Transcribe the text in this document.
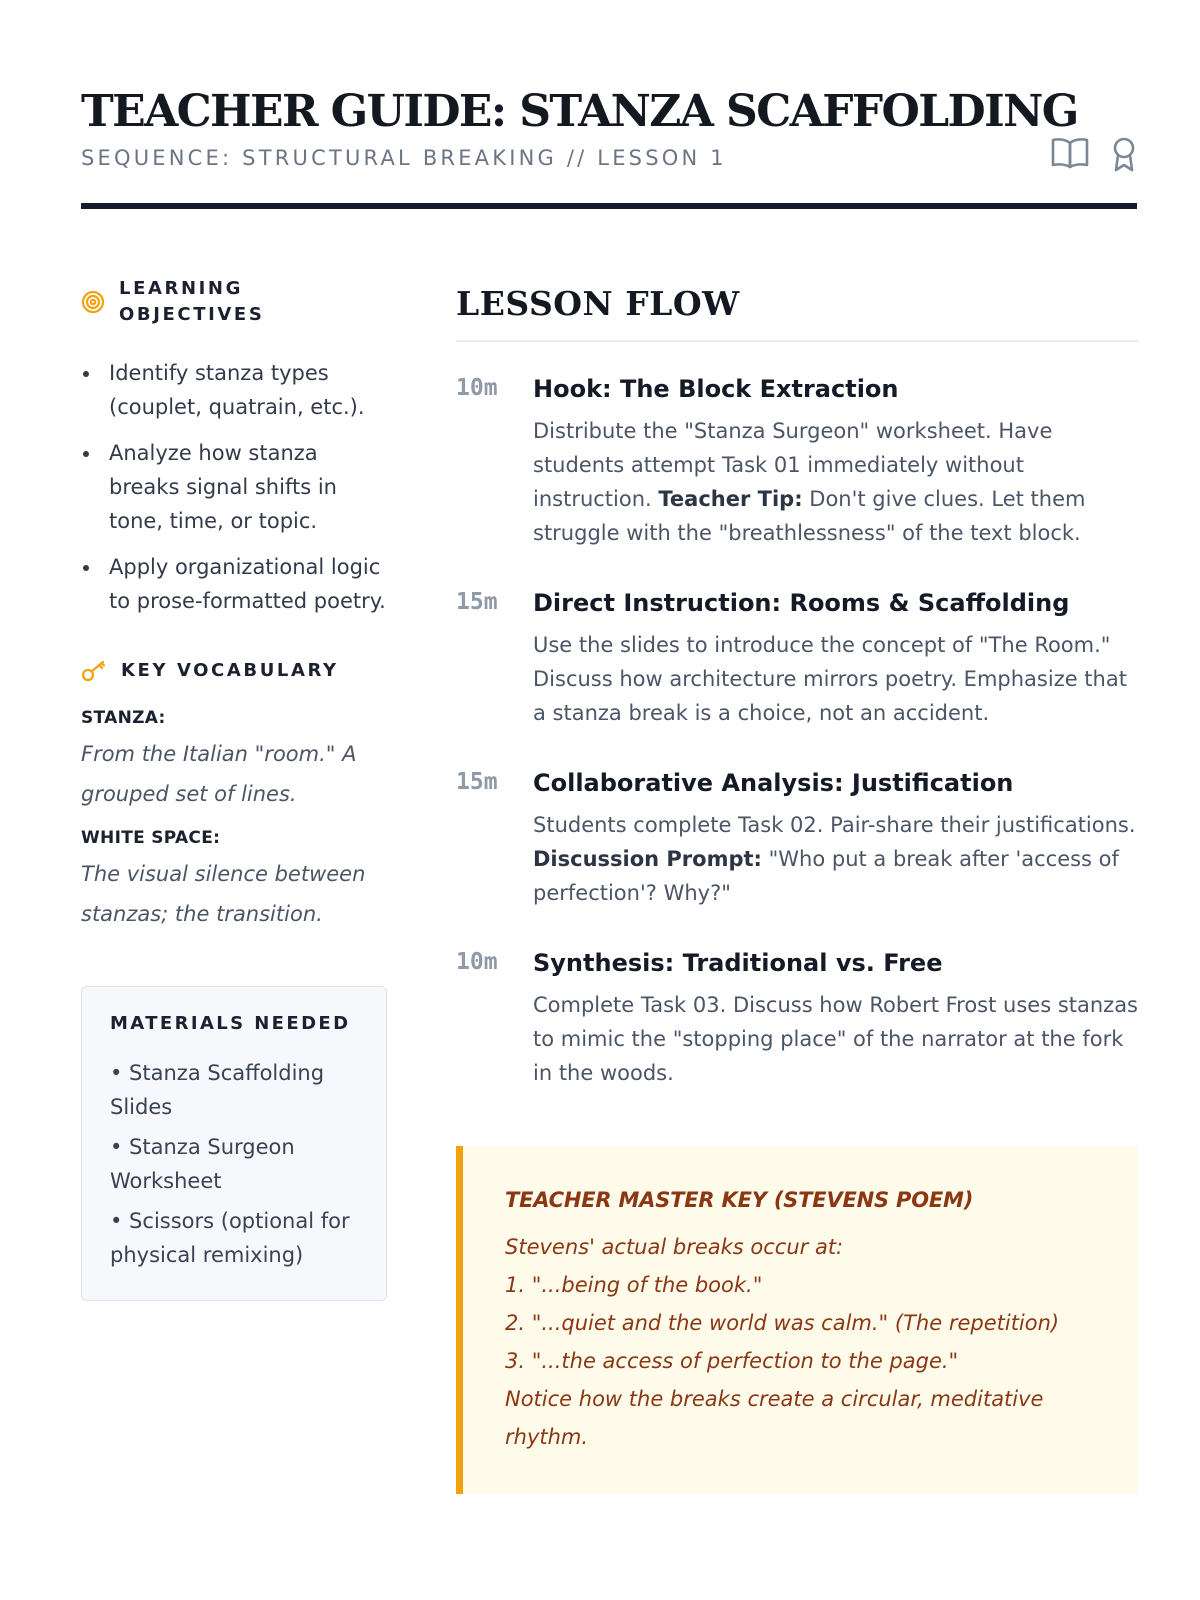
TEACHER GUIDE: STANZA SCAFFOLDING
SEQUENCE: STRUCTURAL BREAKING // LESSON 1
LEARNING OBJECTIVES
Identify stanza types (couplet, quatrain, etc.).
Analyze how stanza breaks signal shifts in tone, time, or topic.
Apply organizational logic to prose-formatted poetry.
KEY VOCABULARY
STANZA:
From the Italian "room." A grouped set of lines.
WHITE SPACE:
The visual silence between stanzas; the transition.
MATERIALS NEEDED
• Stanza Scaffolding Slides
• Stanza Surgeon Worksheet
• Scissors (optional for physical remixing)
LESSON FLOW
10m	Hook: The Block Extraction
Distribute the "Stanza Surgeon" worksheet. Have students attempt Task 01 immediately without instruction. Teacher Tip: Don't give clues. Let them struggle with the "breathlessness" of the text block.
15m	Direct Instruction: Rooms & Scaffolding
Use the slides to introduce the concept of "The Room." Discuss how architecture mirrors poetry. Emphasize that a stanza break is a choice, not an accident.
15m	Collaborative Analysis: Justification
Students complete Task 02. Pair-share their justifications. Discussion Prompt: "Who put a break after 'access of perfection'? Why?"
10m	Synthesis: Traditional vs. Free
Complete Task 03. Discuss how Robert Frost uses stanzas to mimic the "stopping place" of the narrator at the fork in the woods.
TEACHER MASTER KEY (STEVENS POEM)
Stevens' actual breaks occur at:
1. "...being of the book."
2. "...quiet and the world was calm." (The repetition)
3. "...the access of perfection to the page."
Notice how the breaks create a circular, meditative rhythm.
